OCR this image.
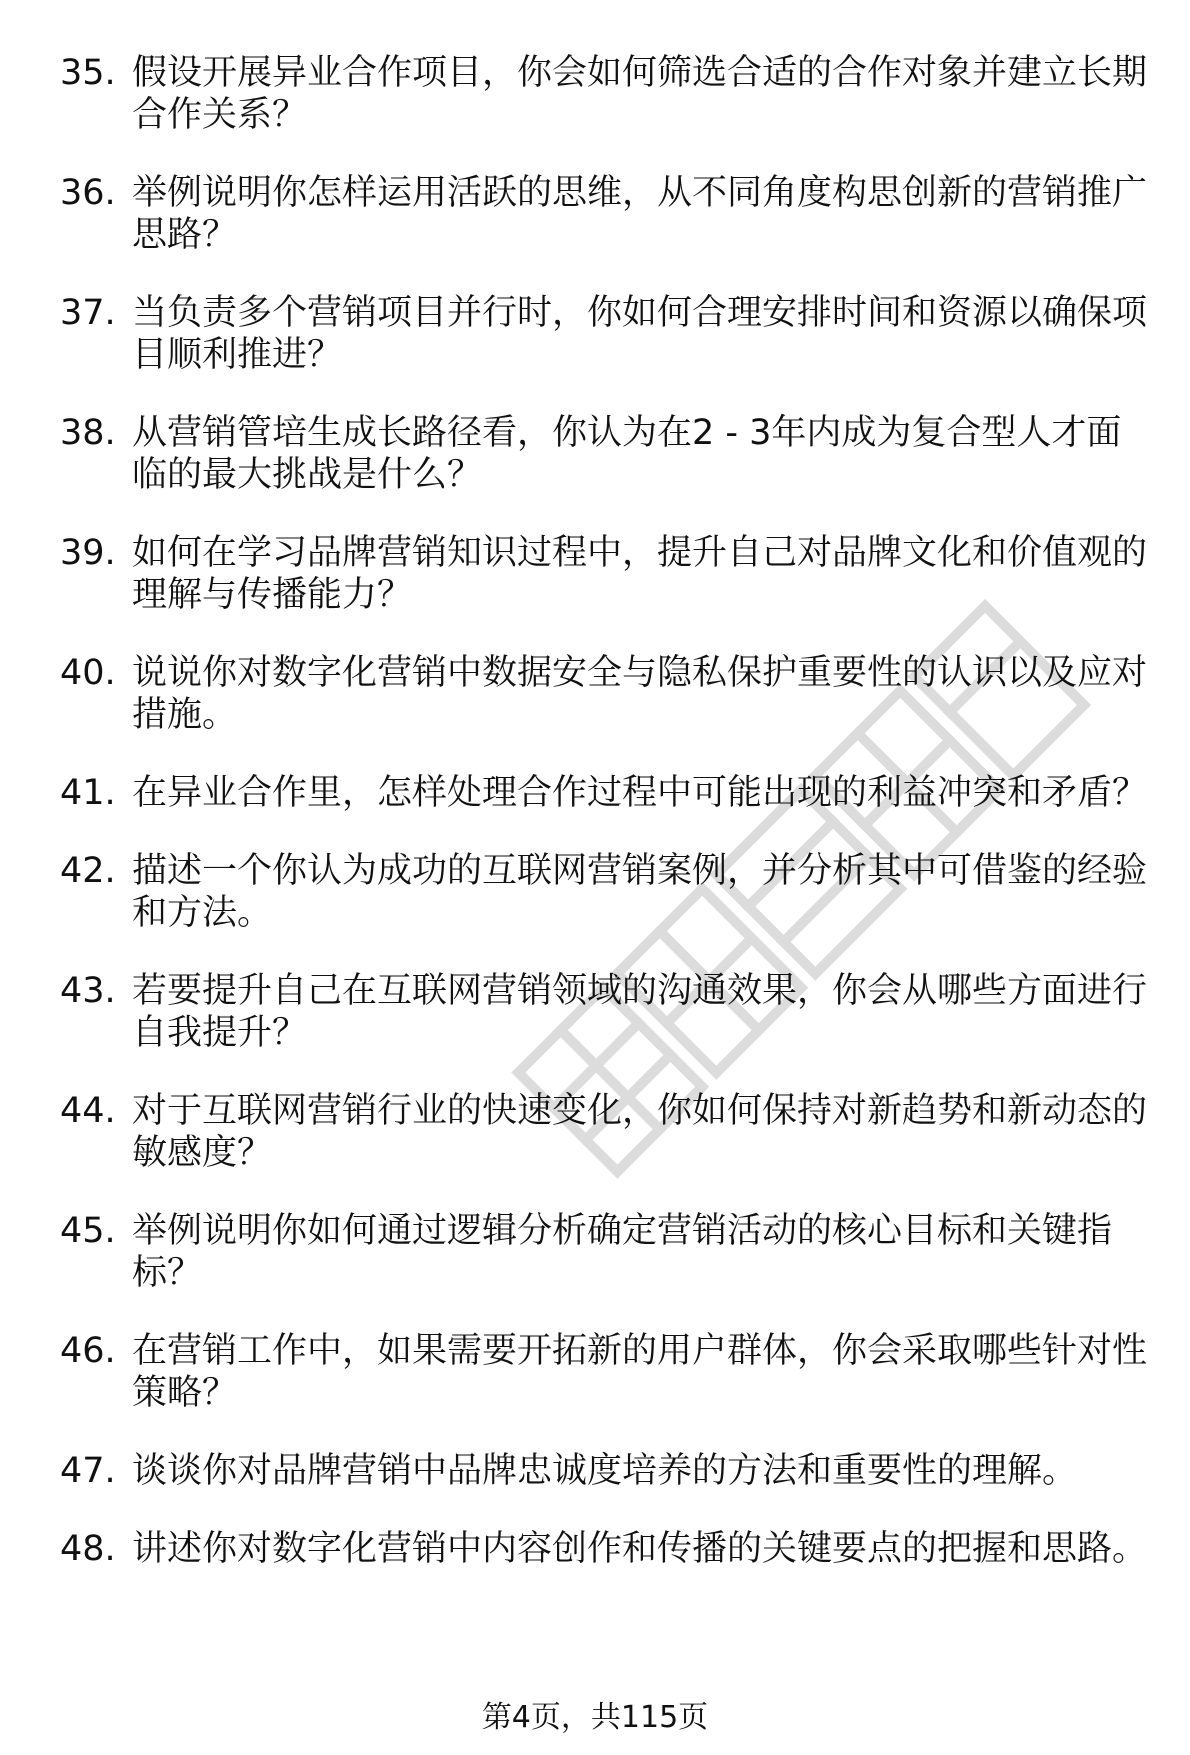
35. 假设开展异业合作项目，你会如何筛选合适的合作对象并建立长期合作关系？
36. 举例说明你怎样运用活跃的思维，从不同角度构思创新的营销推广思路？
37. 当负责多个营销项目并行时，你如何合理安排时间和资源以确保项目顺利推进？
38. 从营销管培生成长路径看，你认为在2 - 3年内成为复合型人才面临的最大挑战是什么？
39. 如何在学习品牌营销知识过程中，提升自己对品牌文化和价值观的理解与传播能力？
40. 说说你对数字化营销中数据安全与隐私保护重要性的认识以及应对措施。
41. 在异业合作里，怎样处理合作过程中可能出现的利益冲突和矛盾？
42. 描述一个你认为成功的互联网营销案例，并分析其中可借鉴的经验和方法。
43. 若要提升自己在互联网营销领域的沟通效果，你会从哪些方面进行自我提升？
44. 对于互联网营销行业的快速变化，你如何保持对新趋势和新动态的敏感度？
45. 举例说明你如何通过逻辑分析确定营销活动的核心目标和关键指标？
46. 在营销工作中，如果需要开拓新的用户群体，你会采取哪些针对性策略？
47. 谈谈你对品牌营销中品牌忠诚度培养的方法和重要性的理解。
48. 讲述你对数字化营销中内容创作和传播的关键要点的把握和思路。
第4页，共115页
